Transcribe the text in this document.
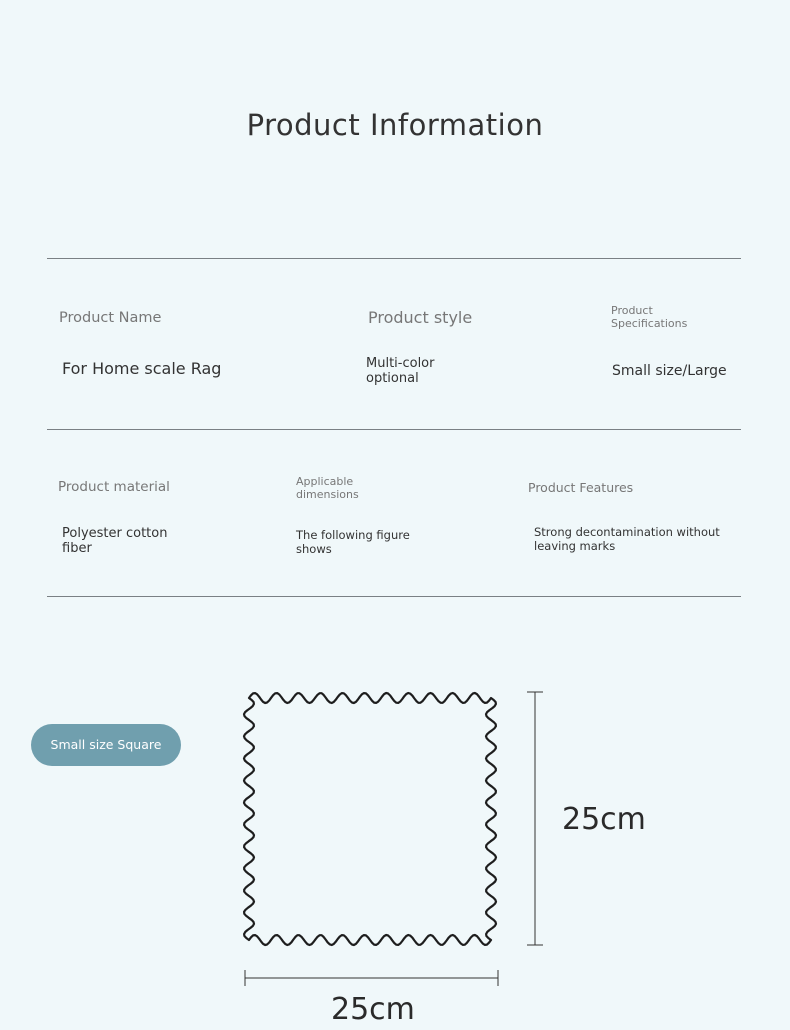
Product Information
Product Name
For Home scale Rag
Product style
Multi-color optional
Product Specifications
Small size/Large
Product material
Polyester cotton fiber
Applicable dimensions
The following figure shows
Product Features
Strong decontamination without leaving marks
Small size Square
25cm
25cm
